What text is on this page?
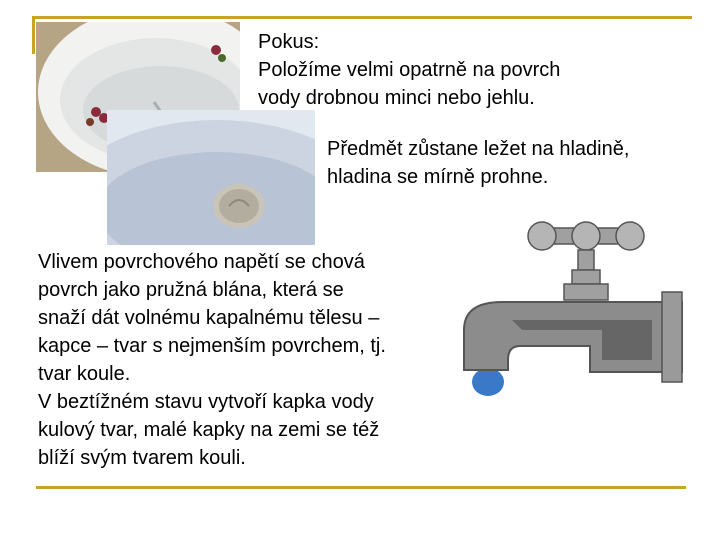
Pokus:
Položíme velmi opatrně na povrch
vody drobnou minci nebo jehlu.
Předmět zůstane ležet na hladině,
hladina se mírně prohne.
Vlivem povrchového napětí se chová
povrch jako pružná blána, která se
snaží dát volnému kapalnému tělesu –
kapce – tvar s nejmenším povrchem, tj.
tvar koule.
V beztížném stavu vytvoří kapka vody
kulový tvar, malé kapky na zemi se též
blíží svým tvarem kouli.
